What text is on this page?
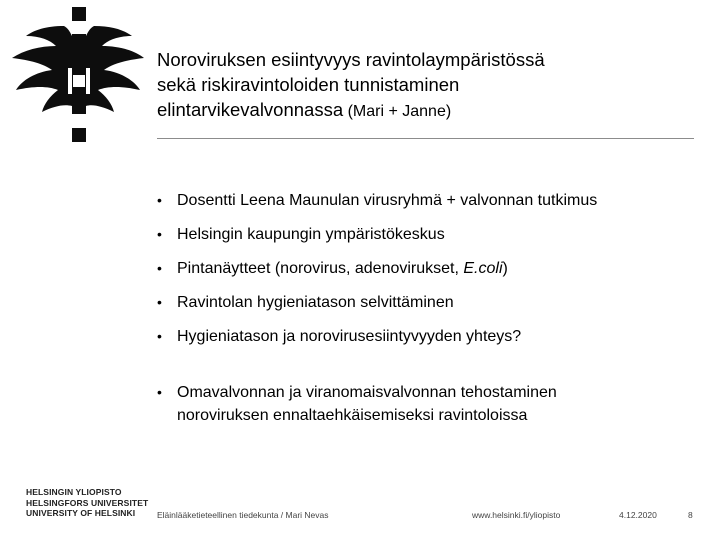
Noroviruksen esiintyvyys ravintolaympäristössä
sekä riskiravintoloiden tunnistaminen
elintarvikevalvonnassa (Mari + Janne)
• Dosentti Leena Maunulan virusryhmä + valvonnan tutkimus
• Helsingin kaupungin ympäristökeskus
• Pintanäytteet (norovirus, adenovirukset, E.coli)
• Ravintolan hygieniatason selvittäminen
• Hygieniatason ja norovirusesiintyvyyden yhteys?
• Omavalvonnan ja viranomaisvalvonnan tehostaminen
noroviruksen ennaltaehkäisemiseksi ravintoloissa
HELSINGIN YLIOPISTO
HELSINGFORS UNIVERSITET
UNIVERSITY OF HELSINKI	Eläinlääketieteellinen tiedekunta / Mari Nevas	www.helsinki.fi/yliopisto	4.12.2020	8
